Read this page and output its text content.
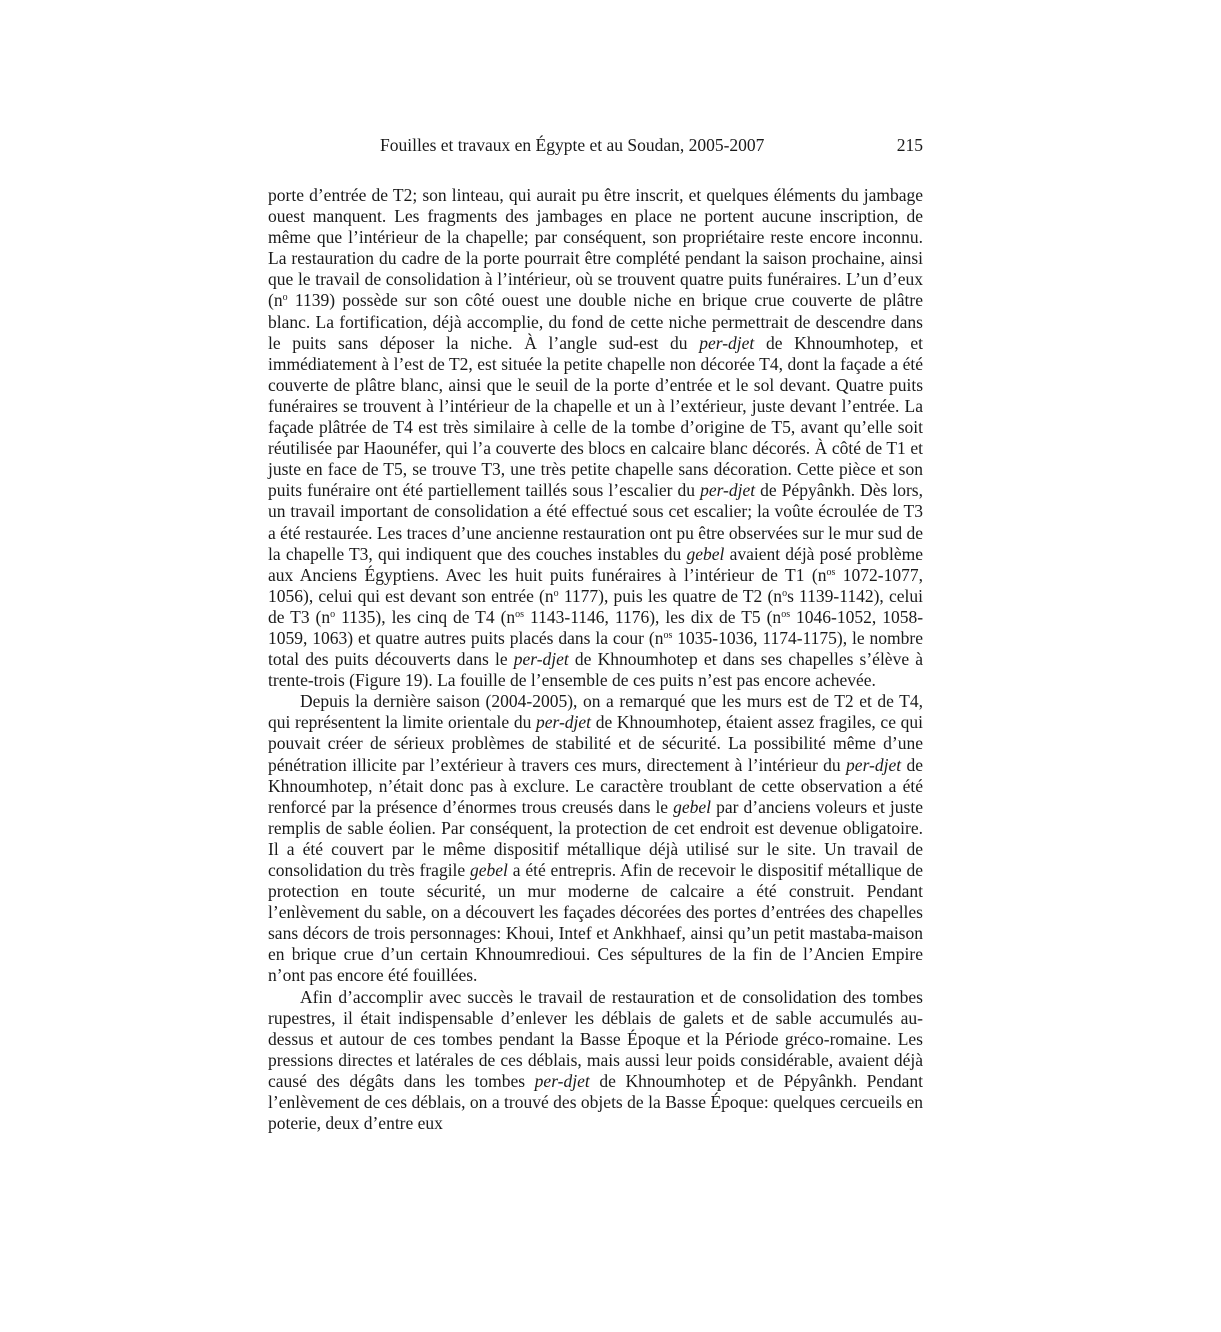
Fouilles et travaux en Égypte et au Soudan, 2005-2007	215

porte d’entrée de T2; son linteau, qui aurait pu être inscrit, et quelques éléments du jambage ouest manquent. Les fragments des jambages en place ne portent aucune inscription, de même que l’intérieur de la chapelle; par conséquent, son propriétaire reste encore inconnu. La restauration du cadre de la porte pourrait être complété pendant la saison prochaine, ainsi que le travail de consolidation à l’intérieur, où se trouvent quatre puits funéraires. L’un d’eux ($n^o$ 1139) possède sur son côté ouest une double niche en brique crue couverte de plâtre blanc. La fortification, déjà accomplie, du fond de cette niche permettrait de descendre dans le puits sans déposer la niche. À l’angle sud-est du per-djet de Khnoumhotep, et immédiatement à l’est de T2, est située la petite chapelle non décorée T4, dont la façade a été couverte de plâtre blanc, ainsi que le seuil de la porte d’entrée et le sol devant. Quatre puits funéraires se trouvent à l’intérieur de la chapelle et un à l’extérieur, juste devant l’entrée. La façade plâtrée de T4 est très similaire à celle de la tombe d’origine de T5, avant qu’elle soit réutilisée par Haounéfer, qui l’a couverte des blocs en calcaire blanc décorés. À côté de T1 et juste en face de T5, se trouve T3, une très petite chapelle sans décoration. Cette pièce et son puits funéraire ont été partiellement taillés sous l’escalier du per-djet de Pépyânkh. Dès lors, un travail important de consolidation a été effectué sous cet escalier; la voûte écroulée de T3 a été restaurée. Les traces d’une ancienne restauration ont pu être observées sur le mur sud de la chapelle T3, qui indiquent que des couches instables du gebel avaient déjà posé problème aux Anciens Égyptiens. Avec les huit puits funéraires à l’intérieur de T1 ($n^{os}$ 1072-1077, 1056), celui qui est devant son entrée ($n^o$ 1177), puis les quatre de T2 ($n^os$ 1139-1142), celui de T3 ($n^o$ 1135), les cinq de T4 ($n^{os}$ 1143-1146, 1176), les dix de T5 ($n^{os}$ 1046-1052, 1058-1059, 1063) et quatre autres puits placés dans la cour ($n^{os}$ 1035-1036, 1174-1175), le nombre total des puits découverts dans le per-djet de Khnoumhotep et dans ses chapelles s’élève à trente-trois (Figure 19). La fouille de l’ensemble de ces puits n’est pas encore achevée.

Depuis la dernière saison (2004-2005), on a remarqué que les murs est de T2 et de T4, qui représentent la limite orientale du per-djet de Khnoumhotep, étaient assez fragiles, ce qui pouvait créer de sérieux problèmes de stabilité et de sécurité. La possibilité même d’une pénétration illicite par l’extérieur à travers ces murs, directement à l’intérieur du per-djet de Khnoumhotep, n’était donc pas à exclure. Le caractère troublant de cette observation a été renforcé par la présence d’énormes trous creusés dans le gebel par d’anciens voleurs et juste remplis de sable éolien. Par conséquent, la protection de cet endroit est devenue obligatoire. Il a été couvert par le même dispositif métallique déjà utilisé sur le site. Un travail de consolidation du très fragile gebel a été entrepris. Afin de recevoir le dispositif métallique de protection en toute sécurité, un mur moderne de calcaire a été construit. Pendant l’enlèvement du sable, on a découvert les façades décorées des portes d’entrées des chapelles sans décors de trois personnages: Khoui, Intef et Ankhhaef, ainsi qu’un petit mastaba-maison en brique crue d’un certain Khnoumredioui. Ces sépultures de la fin de l’Ancien Empire n’ont pas encore été fouillées.

Afin d’accomplir avec succès le travail de restauration et de consolidation des tombes rupestres, il était indispensable d’enlever les déblais de galets et de sable accumulés au-dessus et autour de ces tombes pendant la Basse Époque et la Période gréco-romaine. Les pressions directes et latérales de ces déblais, mais aussi leur poids considérable, avaient déjà causé des dégâts dans les tombes per-djet de Khnoumhotep et de Pépyânkh. Pendant l’enlèvement de ces déblais, on a trouvé des objets de la Basse Époque: quelques cercueils en poterie, deux d’entre eux
